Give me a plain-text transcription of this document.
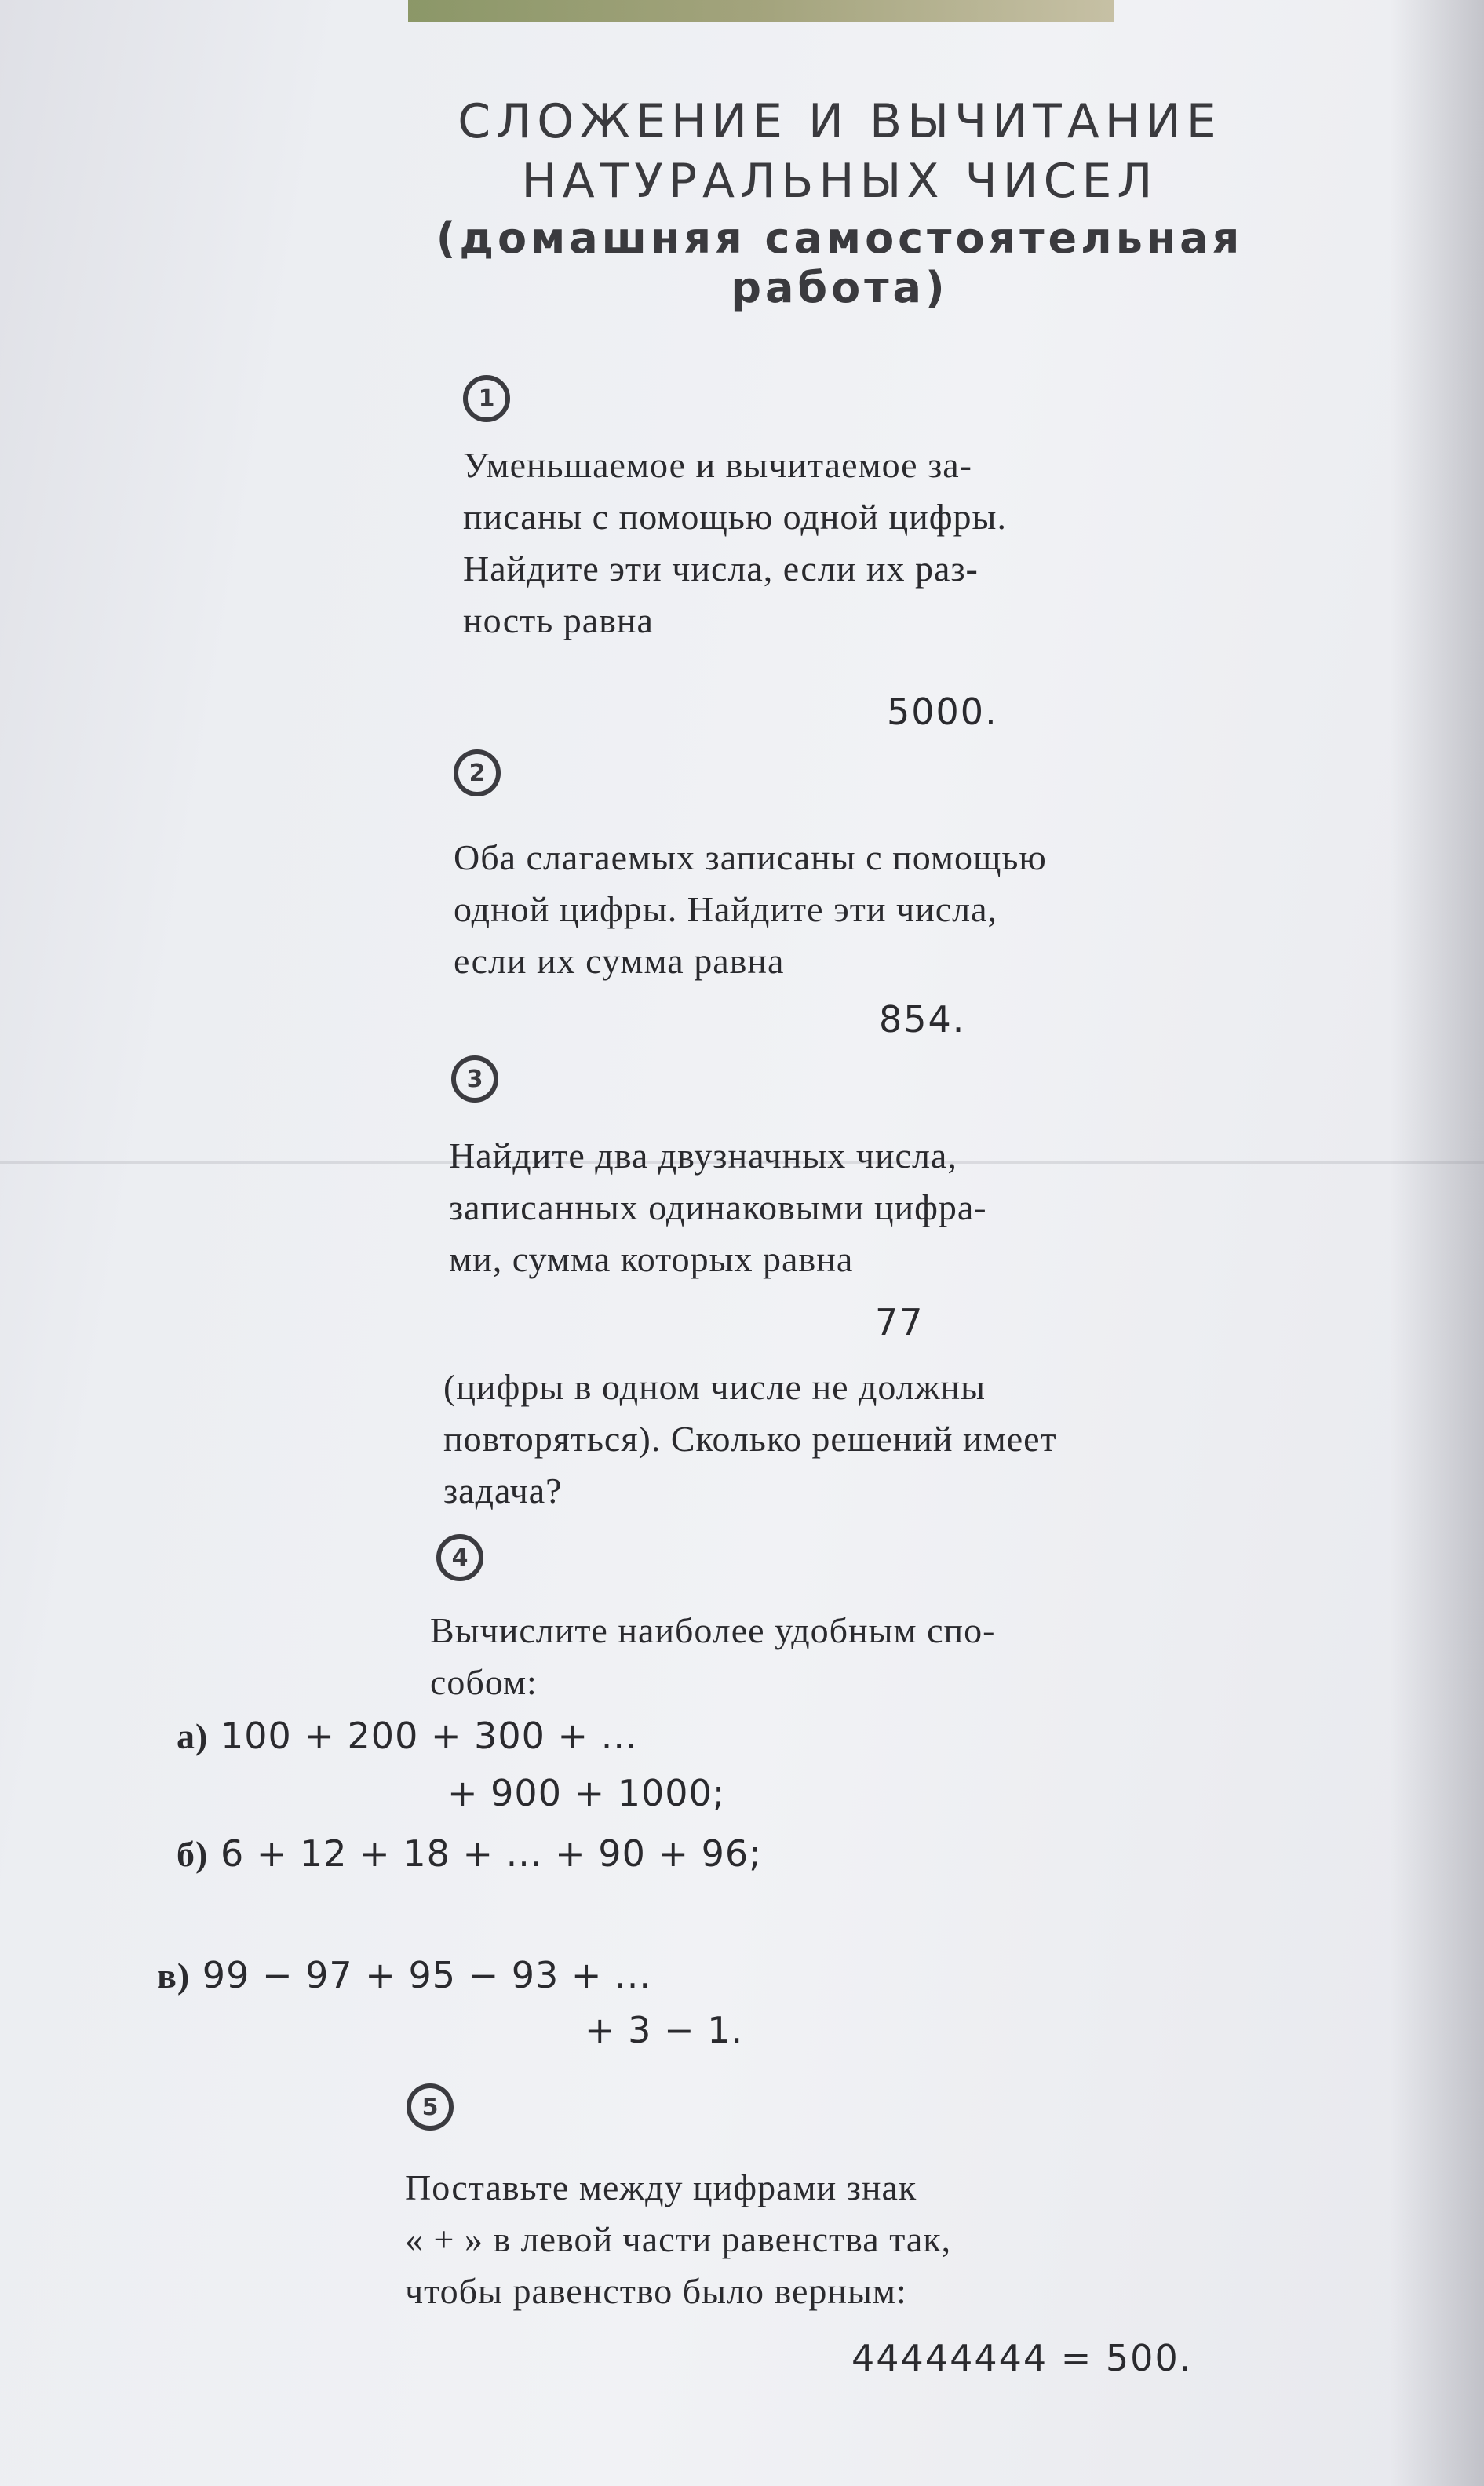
СЛОЖЕНИЕ И ВЫЧИТАНИЕ
НАТУРАЛЬНЫХ ЧИСЕЛ
(домашняя самостоятельная работа)
1
Уменьшаемое и вычитаемое за-
писаны с помощью одной цифры.
Найдите эти числа, если их раз-
ность равна
5000.
2
Оба слагаемых записаны с помощью
одной цифры. Найдите эти числа,
если их сумма равна
854.
3
Найдите два двузначных числа,
записанных одинаковыми цифра-
ми, сумма которых равна
77
(цифры в одном числе не должны
повторяться). Сколько решений имеет
задача?
4
Вычислите наиболее удобным спо-
собом:
а) 100 + 200 + 300 + ...
+ 900 + 1000;
б) 6 + 12 + 18 + ... + 90 + 96;
в) 99 − 97 + 95 − 93 + ...
+ 3 − 1.
5
Поставьте между цифрами знак
« + » в левой части равенства так,
чтобы равенство было верным:
44444444 = 500.
